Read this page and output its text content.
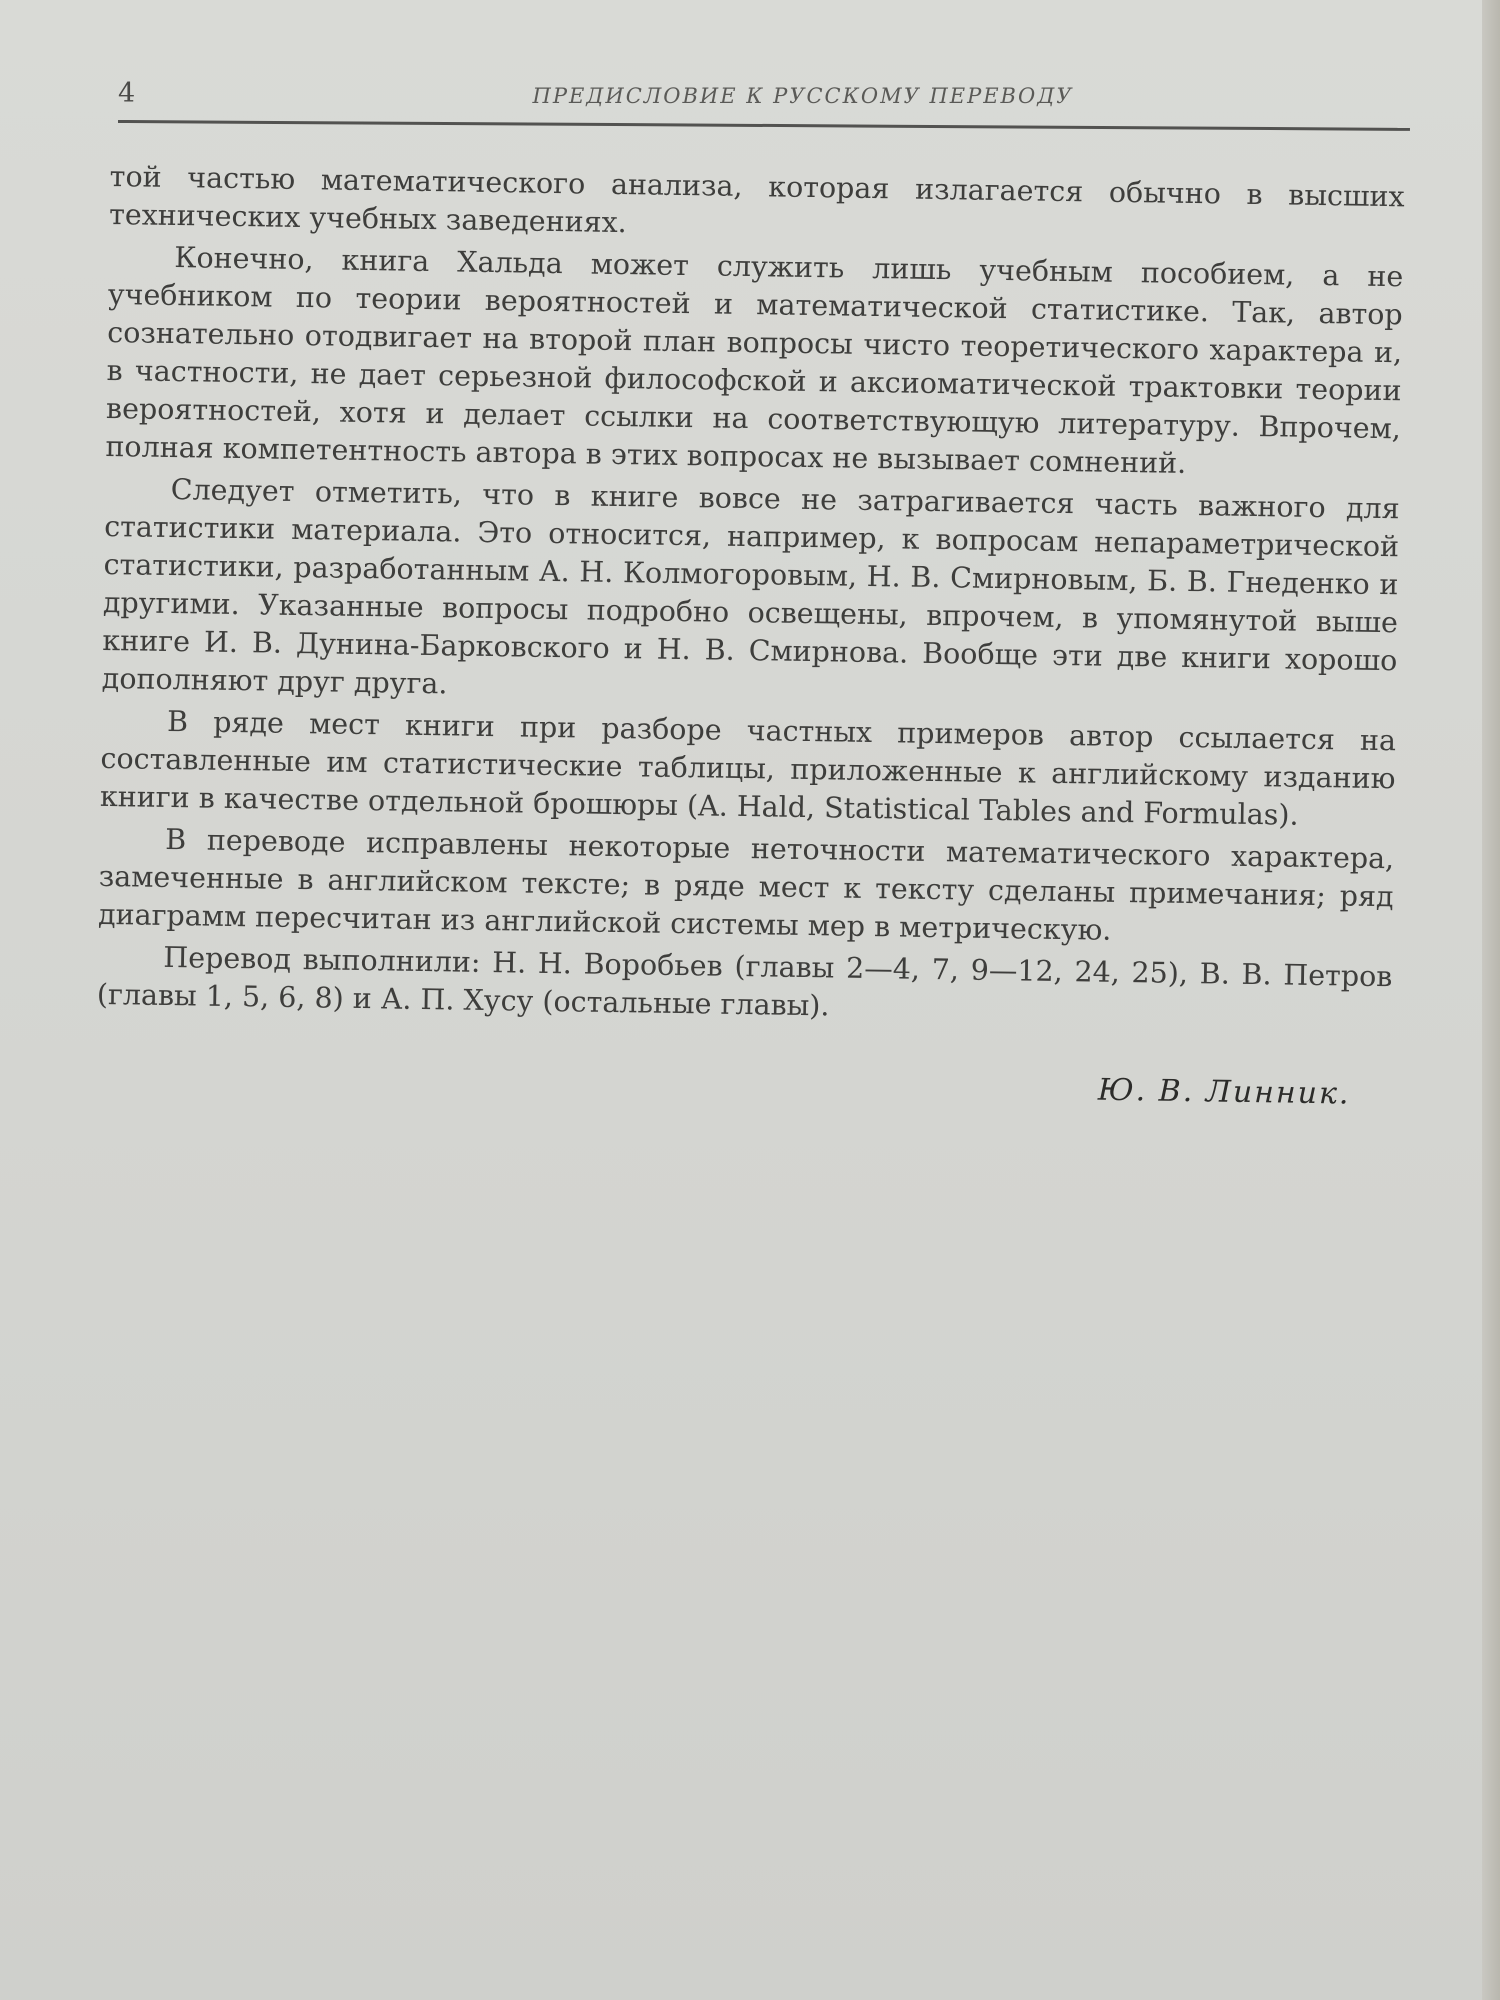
4	ПРЕДИСЛОВИЕ К РУССКОМУ ПЕРЕВОДУ

той частью математического анализа, которая излагается обычно в высших технических учебных заведениях.

Конечно, книга Хальда может служить лишь учебным пособием, а не учебником по теории вероятностей и математической статистике. Так, автор сознательно отодвигает на второй план вопросы чисто теоретического характера и, в частности, не дает серьезной философской и аксиоматической трактовки теории вероятностей, хотя и делает ссылки на соответствующую литературу. Впрочем, полная компетентность автора в этих вопросах не вызывает сомнений.

Следует отметить, что в книге вовсе не затрагивается часть важного для статистики материала. Это относится, например, к вопросам непараметрической статистики, разработанным А. Н. Колмогоровым, Н. В. Смирновым, Б. В. Гнеденко и другими. Указанные вопросы подробно освещены, впрочем, в упомянутой выше книге И. В. Дунина-Барковского и Н. В. Смирнова. Вообще эти две книги хорошо дополняют друг друга.

В ряде мест книги при разборе частных примеров автор ссылается на составленные им статистические таблицы, приложенные к английскому изданию книги в качестве отдельной брошюры (A. Hald, Statistical Tables and Formulas).

В переводе исправлены некоторые неточности математического характера, замеченные в английском тексте; в ряде мест к тексту сделаны примечания; ряд диаграмм пересчитан из английской системы мер в метрическую.

Перевод выполнили: Н. Н. Воробьев (главы 2—4, 7, 9—12, 24, 25), В. В. Петров (главы 1, 5, 6, 8) и А. П. Хусу (остальные главы).

Ю. В. Линник.
